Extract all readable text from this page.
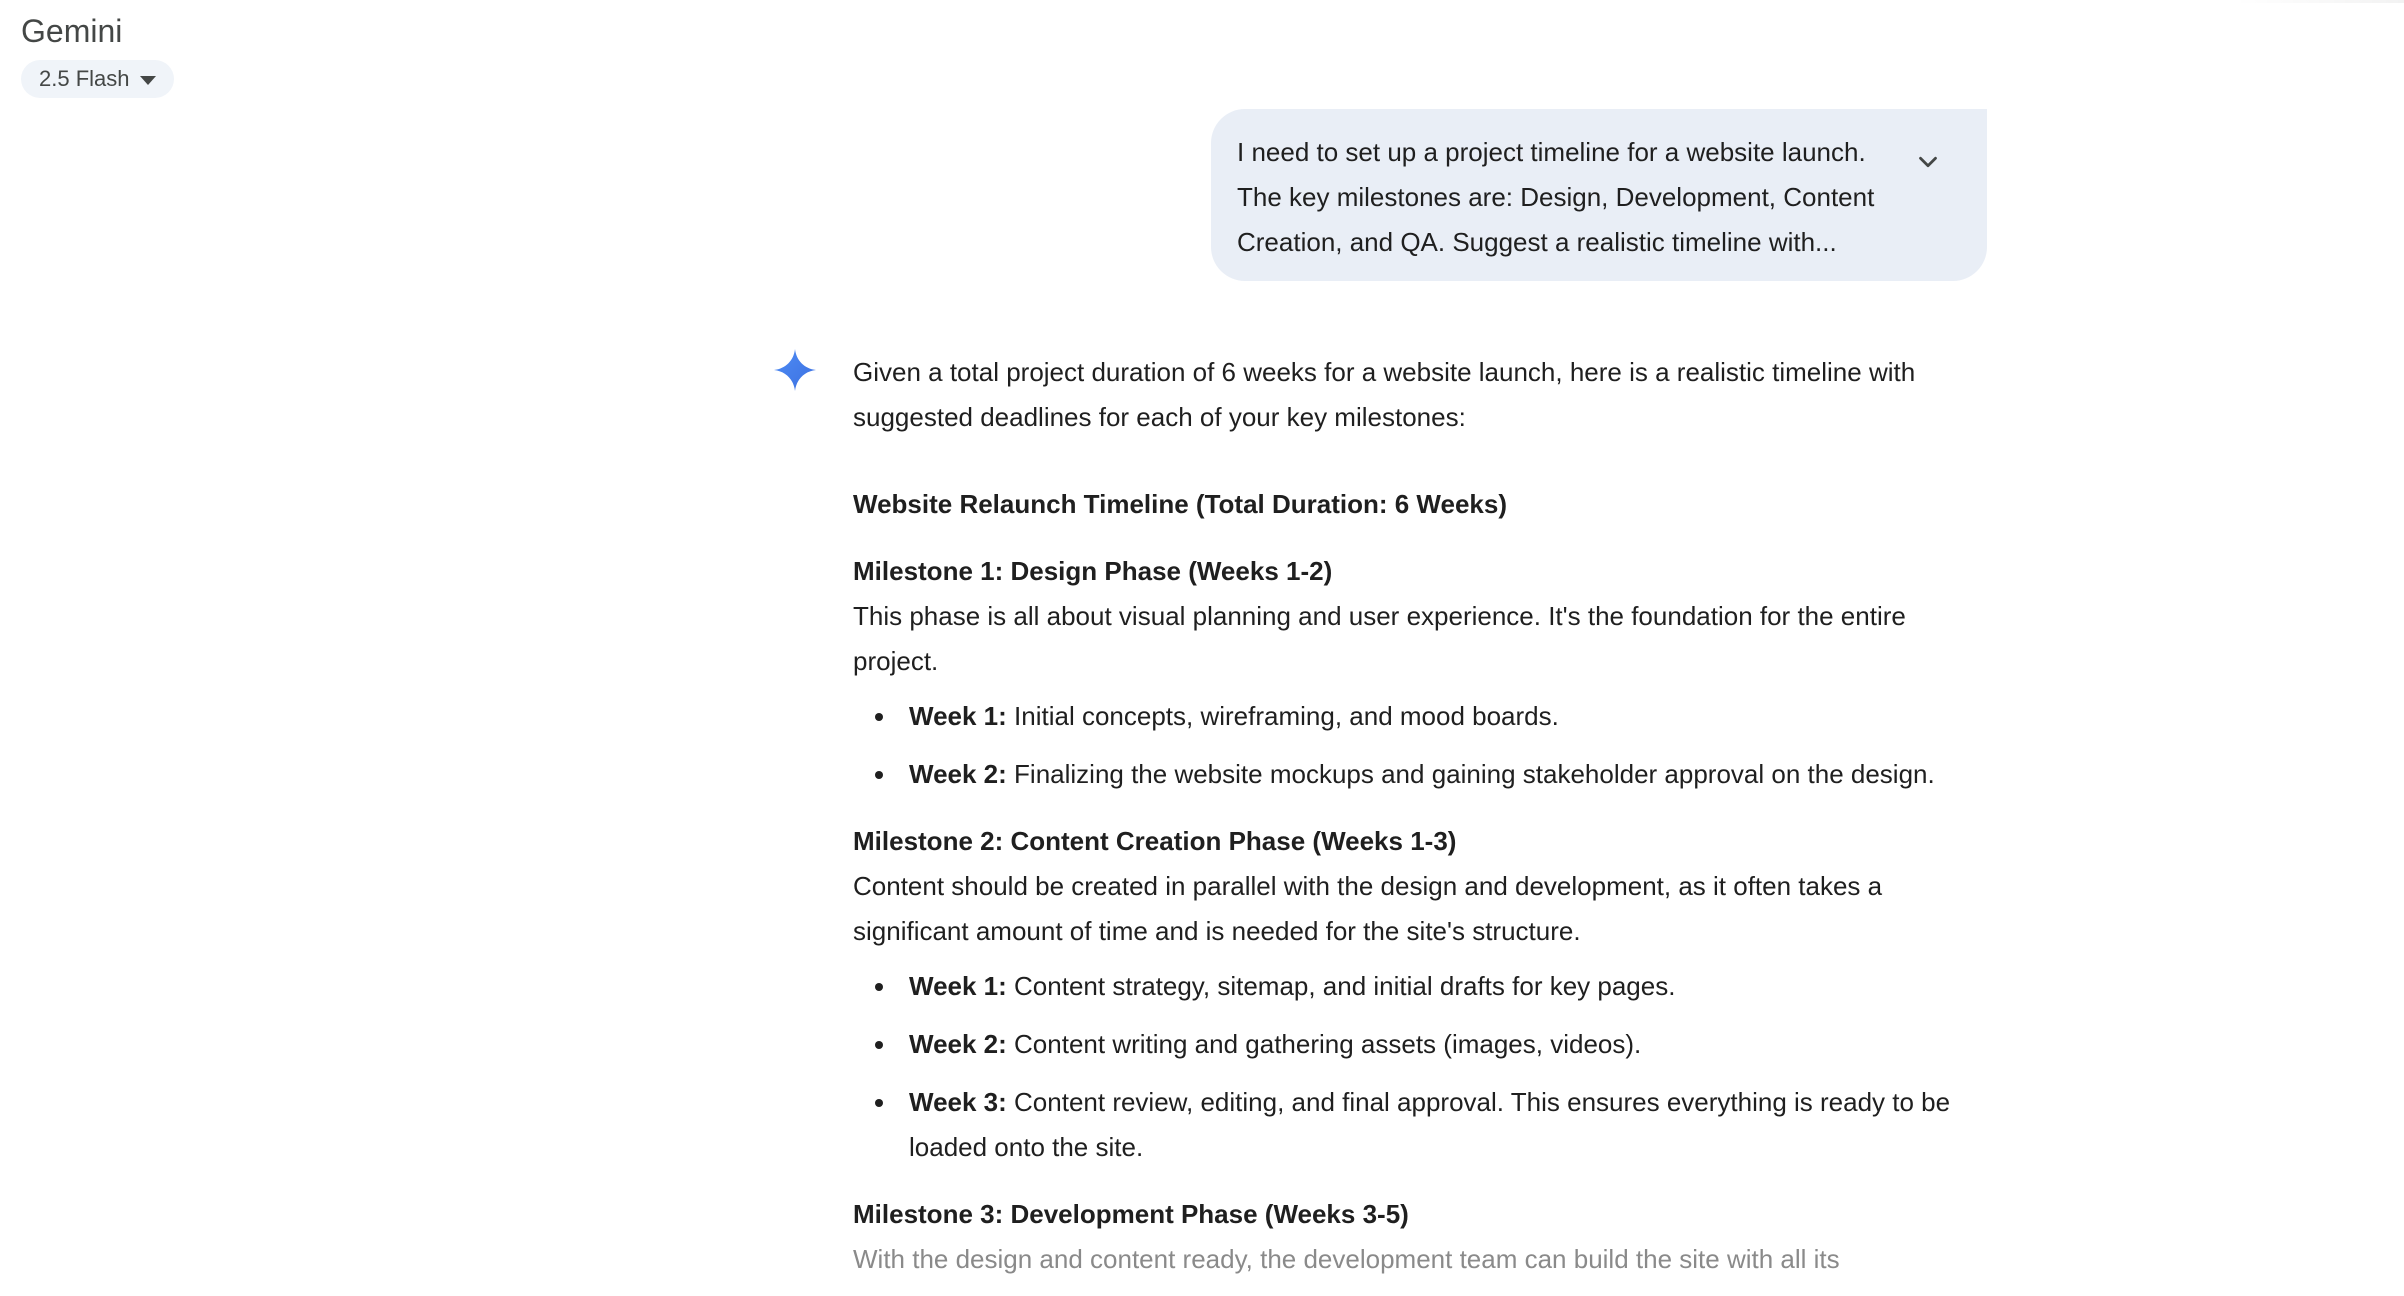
Gemini
2.5 Flash
I need to set up a project timeline for a website launch. The key milestones are: Design, Development, Content Creation, and QA. Suggest a realistic timeline with...

Given a total project duration of 6 weeks for a website launch, here is a realistic timeline with suggested deadlines for each of your key milestones:

Website Relaunch Timeline (Total Duration: 6 Weeks)

Milestone 1: Design Phase (Weeks 1-2)

This phase is all about visual planning and user experience. It's the foundation for the entire project.

Week 1: Initial concepts, wireframing, and mood boards.
Week 2: Finalizing the website mockups and gaining stakeholder approval on the design.

Milestone 2: Content Creation Phase (Weeks 1-3)

Content should be created in parallel with the design and development, as it often takes a significant amount of time and is needed for the site's structure.

Week 1: Content strategy, sitemap, and initial drafts for key pages.
Week 2: Content writing and gathering assets (images, videos).
Week 3: Content review, editing, and final approval. This ensures everything is ready to be loaded onto the site.

Milestone 3: Development Phase (Weeks 3-5)

With the design and content ready, the development team can build the site with all its
